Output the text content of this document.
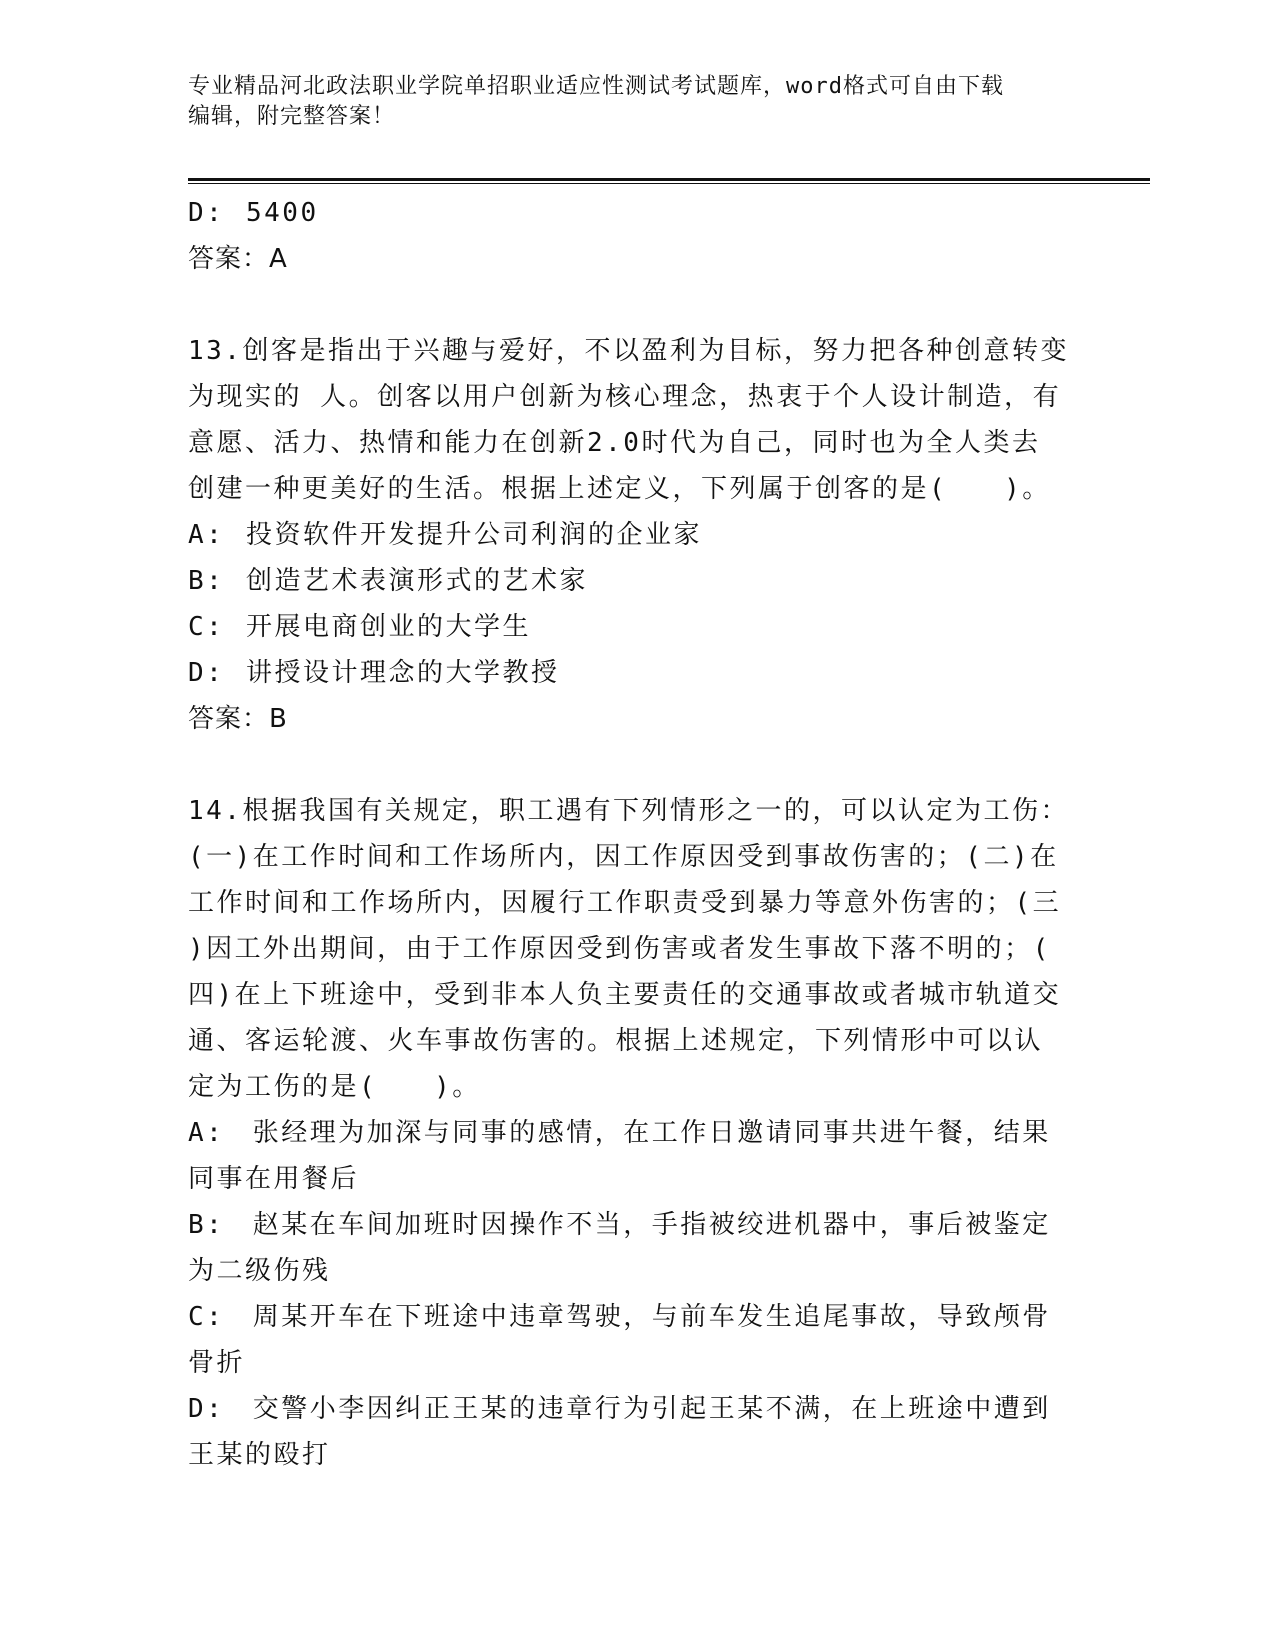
专业精品河北政法职业学院单招职业适应性测试考试题库，word格式可自由下载
编辑，附完整答案！
D: 5400
答案：A
13.创客是指出于兴趣与爱好，不以盈利为目标，努力把各种创意转变
为现实的 人。创客以用户创新为核心理念，热衷于个人设计制造，有
意愿、活力、热情和能力在创新2.0时代为自己，同时也为全人类去
创建一种更美好的生活。根据上述定义，下列属于创客的是(　　)。
A: 投资软件开发提升公司利润的企业家
B: 创造艺术表演形式的艺术家
C: 开展电商创业的大学生
D: 讲授设计理念的大学教授
答案：B
14.根据我国有关规定，职工遇有下列情形之一的，可以认定为工伤：
(一)在工作时间和工作场所内，因工作原因受到事故伤害的；(二)在
工作时间和工作场所内，因履行工作职责受到暴力等意外伤害的；(三
)因工外出期间，由于工作原因受到伤害或者发生事故下落不明的；(
四)在上下班途中，受到非本人负主要责任的交通事故或者城市轨道交
通、客运轮渡、火车事故伤害的。根据上述规定，下列情形中可以认
定为工伤的是(　　)。
A:　张经理为加深与同事的感情，在工作日邀请同事共进午餐，结果
同事在用餐后
B:　赵某在车间加班时因操作不当，手指被绞进机器中，事后被鉴定
为二级伤残
C:　周某开车在下班途中违章驾驶，与前车发生追尾事故，导致颅骨
骨折
D:　交警小李因纠正王某的违章行为引起王某不满，在上班途中遭到
王某的殴打
